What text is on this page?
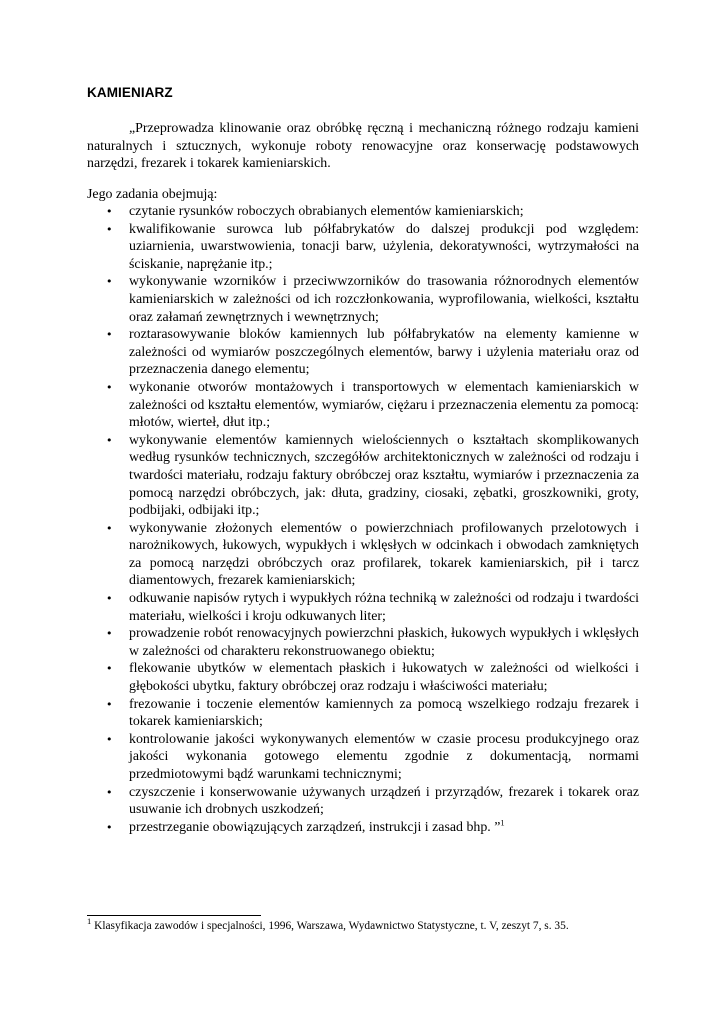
KAMIENIARZ

„Przeprowadza klinowanie oraz obróbkę ręczną i mechaniczną różnego rodzaju kamieni naturalnych i sztucznych, wykonuje roboty renowacyjne oraz konserwację podstawowych narzędzi, frezarek i tokarek kamieniarskich.

Jego zadania obejmują:

• czytanie rysunków roboczych obrabianych elementów kamieniarskich;
• kwalifikowanie surowca lub półfabrykatów do dalszej produkcji pod względem: uziarnienia, uwarstwowienia, tonacji barw, użylenia, dekoratywności, wytrzymałości na ściskanie, naprężanie itp.;
• wykonywanie wzorników i przeciwwzorników do trasowania różnorodnych elementów kamieniarskich w zależności od ich rozczłonkowania, wyprofilowania, wielkości, kształtu oraz załamań zewnętrznych i wewnętrznych;
• roztarasowywanie bloków kamiennych lub półfabrykatów na elementy kamienne w zależności od wymiarów poszczególnych elementów, barwy i użylenia materiału oraz od przeznaczenia danego elementu;
• wykonanie otworów montażowych i transportowych w elementach kamieniarskich w zależności od kształtu elementów, wymiarów, ciężaru i przeznaczenia elementu za pomocą: młotów, wierteł, dłut itp.;
• wykonywanie elementów kamiennych wielościennych o kształtach skomplikowanych według rysunków technicznych, szczegółów architektonicznych w zależności od rodzaju i twardości materiału, rodzaju faktury obróbczej oraz kształtu, wymiarów i przeznaczenia za pomocą narzędzi obróbczych, jak: dłuta, gradziny, ciosaki, zębatki, groszkowniki, groty, podbijaki, odbijaki itp.;
• wykonywanie złożonych elementów o powierzchniach profilowanych przelotowych i narożnikowych, łukowych, wypukłych i wklęsłych w odcinkach i obwodach zamkniętych za pomocą narzędzi obróbczych oraz profilarek, tokarek kamieniarskich, pił i tarcz diamentowych, frezarek kamieniarskich;
• odkuwanie napisów rytych i wypukłych różna techniką w zależności od rodzaju i twardości materiału, wielkości i kroju odkuwanych liter;
• prowadzenie robót renowacyjnych powierzchni płaskich, łukowych wypukłych i wklęsłych w zależności od charakteru rekonstruowanego obiektu;
• flekowanie ubytków w elementach płaskich i łukowatych w zależności od wielkości i głębokości ubytku, faktury obróbczej oraz rodzaju i właściwości materiału;
• frezowanie i toczenie elementów kamiennych za pomocą wszelkiego rodzaju frezarek i tokarek kamieniarskich;
• kontrolowanie jakości wykonywanych elementów w czasie procesu produkcyjnego oraz jakości wykonania gotowego elementu zgodnie z dokumentacją, normami przedmiotowymi bądź warunkami technicznymi;
• czyszczenie i konserwowanie używanych urządzeń i przyrządów, frezarek i tokarek oraz usuwanie ich drobnych uszkodzeń;
• przestrzeganie obowiązujących zarządzeń, instrukcji i zasad bhp. ”$^1$

$^1$ Klasyfikacja zawodów i specjalności, 1996, Warszawa, Wydawnictwo Statystyczne, t. V, zeszyt 7, s. 35.
